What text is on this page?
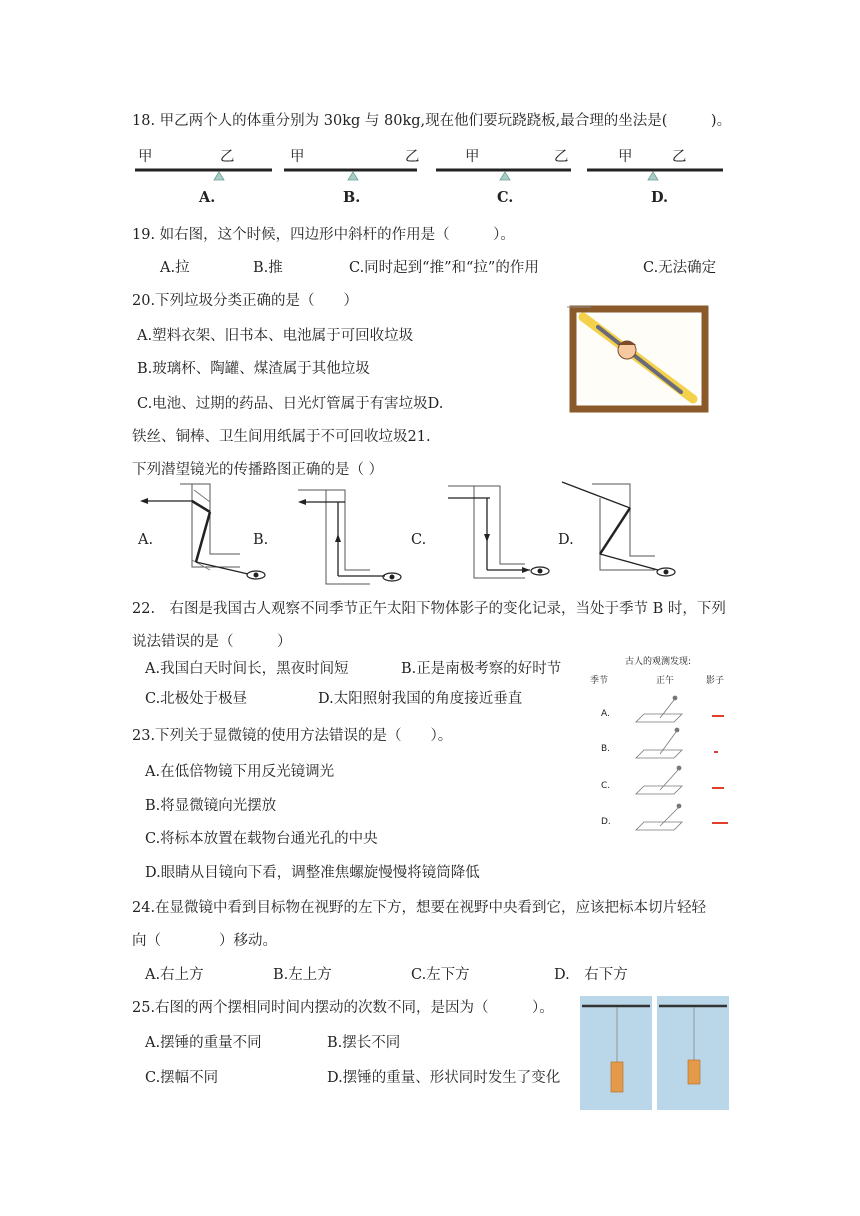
18. 甲乙两个人的体重分别为 30kg 与 80kg,现在他们要玩跷跷板,最合理的坐法是(　　　)。
甲	乙
A.
甲	乙
B.
甲	乙
C.
甲	乙
D.
19. 如右图，这个时候，四边形中斜杆的作用是（　　　）。
A.拉	B.推	C.同时起到“推”和“拉”的作用	C.无法确定
20.下列垃圾分类正确的是（　　）
A.塑料衣架、旧书本、电池属于可回收垃圾
B.玻璃杯、陶罐、煤渣属于其他垃圾
C.电池、过期的药品、日光灯管属于有害垃圾D.
铁丝、铜棒、卫生间用纸属于不可回收垃圾21.
下列潜望镜光的传播路图正确的是（ ）
A.	B.	C.	D.
22.　右图是我国古人观察不同季节正午太阳下物体影子的变化记录，当处于季节 B 时，下列
说法错误的是（　　　）
A.我国白天时间长，黑夜时间短	B.正是南极考察的好时节
C.北极处于极昼	D.太阳照射我国的角度接近垂直
古人的观测发现:
季节	正午	影子
A.
B.
C.
D.
23.下列关于显微镜的使用方法错误的是（　　）。
A.在低倍物镜下用反光镜调光
B.将显微镜向光摆放
C.将标本放置在载物台通光孔的中央
D.眼睛从目镜向下看，调整准焦螺旋慢慢将镜筒降低
24.在显微镜中看到目标物在视野的左下方，想要在视野中央看到它，应该把标本切片轻轻
向（　　　　）移动。
A.右上方	B.左上方	C.左下方	D.　右下方
25.右图的两个摆相同时间内摆动的次数不同，是因为（　　　）。
A.摆锤的重量不同	B.摆长不同
C.摆幅不同	D.摆锤的重量、形状同时发生了变化
